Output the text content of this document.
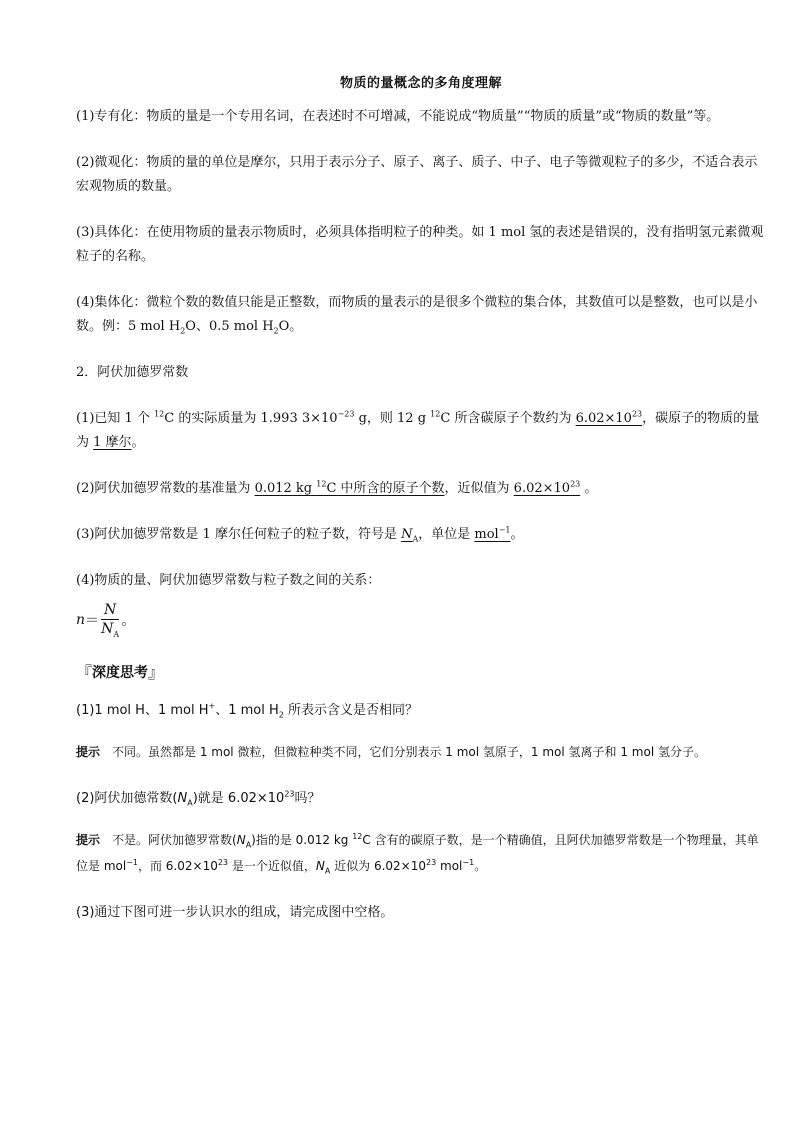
物质的量概念的多角度理解

(1)专有化：物质的量是一个专用名词，在表述时不可增减，不能说成“物质量”“物质的质量”或“物质的数量”等。

(2)微观化：物质的量的单位是摩尔，只用于表示分子、原子、离子、质子、中子、电子等微观粒子的多少，不适合表示宏观物质的数量。

(3)具体化：在使用物质的量表示物质时，必须具体指明粒子的种类。如 1 mol 氢的表述是错误的，没有指明氢元素微观粒子的名称。

(4)集体化：微粒个数的数值只能是正整数，而物质的量表示的是很多个微粒的集合体，其数值可以是整数，也可以是小数。例：5 mol $H_2O$、0.5 mol $H_2O$。

2．阿伏加德罗常数

(1)已知 1 个 $^{12}$C 的实际质量为 1.993 $3\times 10^{-23}$ g，则 12 g $^{12}$C 所含碳原子个数约为 $6.02\times 10^{23}$，碳原子的物质的量为 1 摩尔。

(2)阿伏加德罗常数的基准量为 0.012 kg $^{12}$C 中所含的原子个数，近似值为 $6.02\times 10^{23}$ 。

(3)阿伏加德罗常数是 1 摩尔任何粒子的粒子数，符号是 $N_A$，单位是 mol$^{-1}$。

(4)物质的量、阿伏加德罗常数与粒子数之间的关系：

$n = \frac{N}{N_A}$ 。
『 深度思考 』

(1)1 mol H、1 mol H+、1 mol $H_2$ 所表示含义是否相同？

提示 不同。虽然都是 1 mol 微粒，但微粒种类不同，它们分别表示 1 mol 氢原子，1 mol 氢离子和 1 mol 氢分子。

(2)阿伏加德常数$(N_A)$就是 $6.02\times 10^{23}$吗？

提示 不是。阿伏加德罗常数$(N_A)$指的是 0.012 kg $^{12}$C 含有的碳原子数，是一个精确值，且阿伏加德罗常数是一个物理量，其单位是 mol$^{-1}$，而 $6.02\times 10^{23}$ 是一个近似值，$N_A$ 近似为 $6.02\times 10^{23}$ mol$^{-1}$。

(3)通过下图可进一步认识水的组成，请完成图中空格。
